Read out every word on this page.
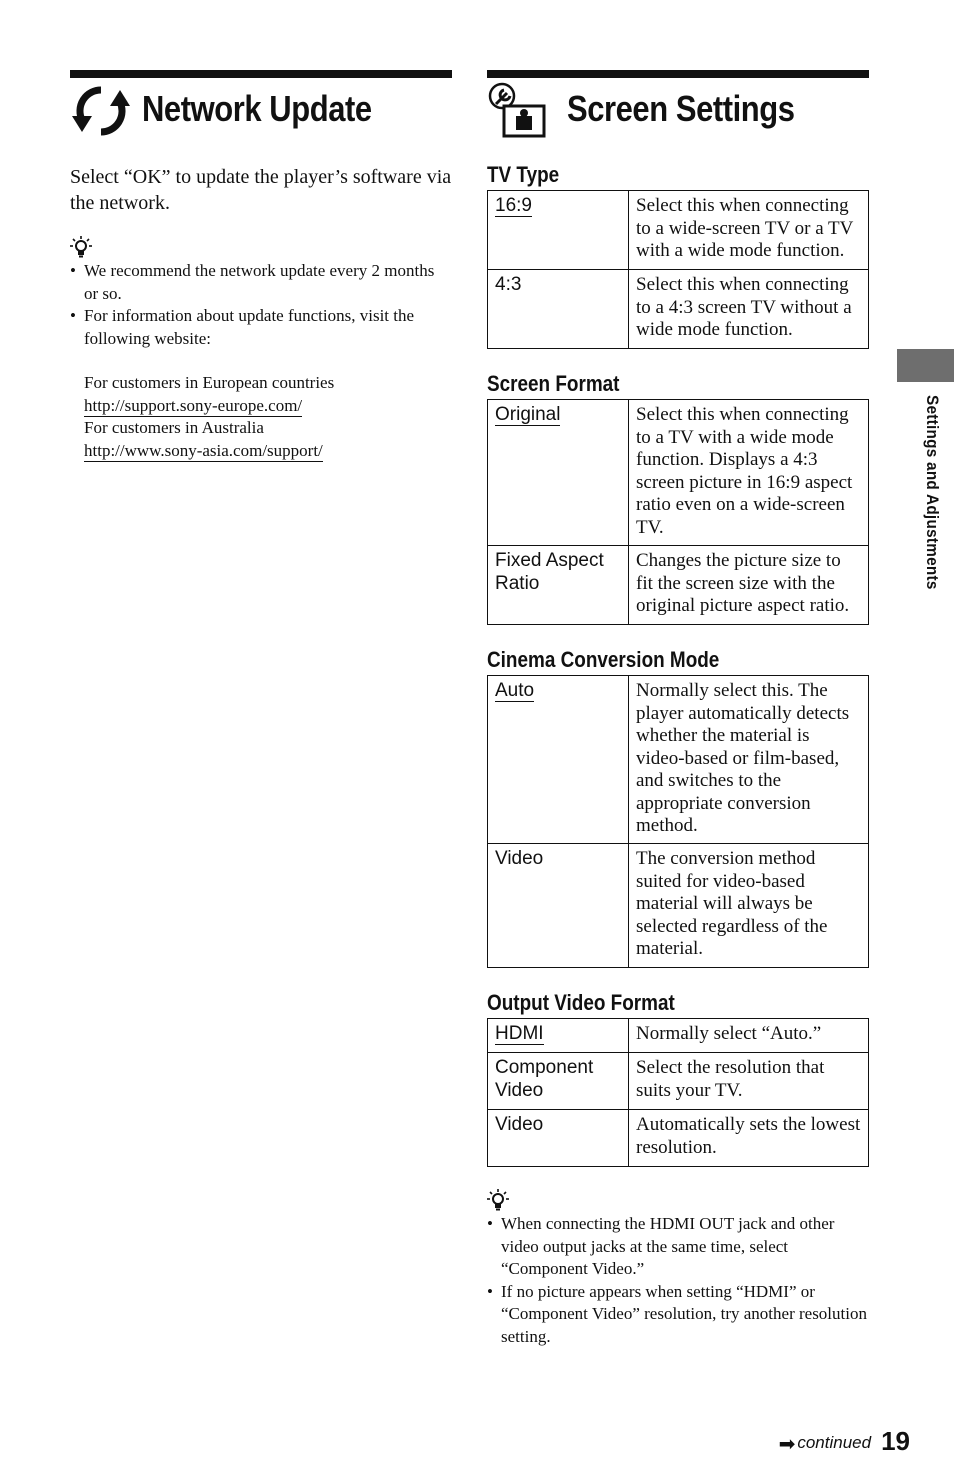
Network Update
Select “OK” to update the player’s software via the network.
• We recommend the network update every 2 months or so.
• For information about update functions, visit the following website:
For customers in European countries
http://support.sony-europe.com/
For customers in Australia
http://www.sony-asia.com/support/
Screen Settings
TV Type
16:9	Select this when connecting to a wide-screen TV or a TV with a wide mode function.
4:3	Select this when connecting to a 4:3 screen TV without a wide mode function.
Screen Format
Original	Select this when connecting to a TV with a wide mode function. Displays a 4:3 screen picture in 16:9 aspect ratio even on a wide-screen TV.
Fixed Aspect Ratio	Changes the picture size to fit the screen size with the original picture aspect ratio.
Cinema Conversion Mode
Auto	Normally select this. The player automatically detects whether the material is video-based or film-based, and switches to the appropriate conversion method.
Video	The conversion method suited for video-based material will always be selected regardless of the material.
Output Video Format
HDMI	Normally select “Auto.”
Component Video	Select the resolution that suits your TV.
Video	Automatically sets the lowest resolution.
• When connecting the HDMI OUT jack and other video output jacks at the same time, select “Component Video.”
• If no picture appears when setting “HDMI” or “Component Video” resolution, try another resolution setting.
Settings and Adjustments
➡ continued 19
